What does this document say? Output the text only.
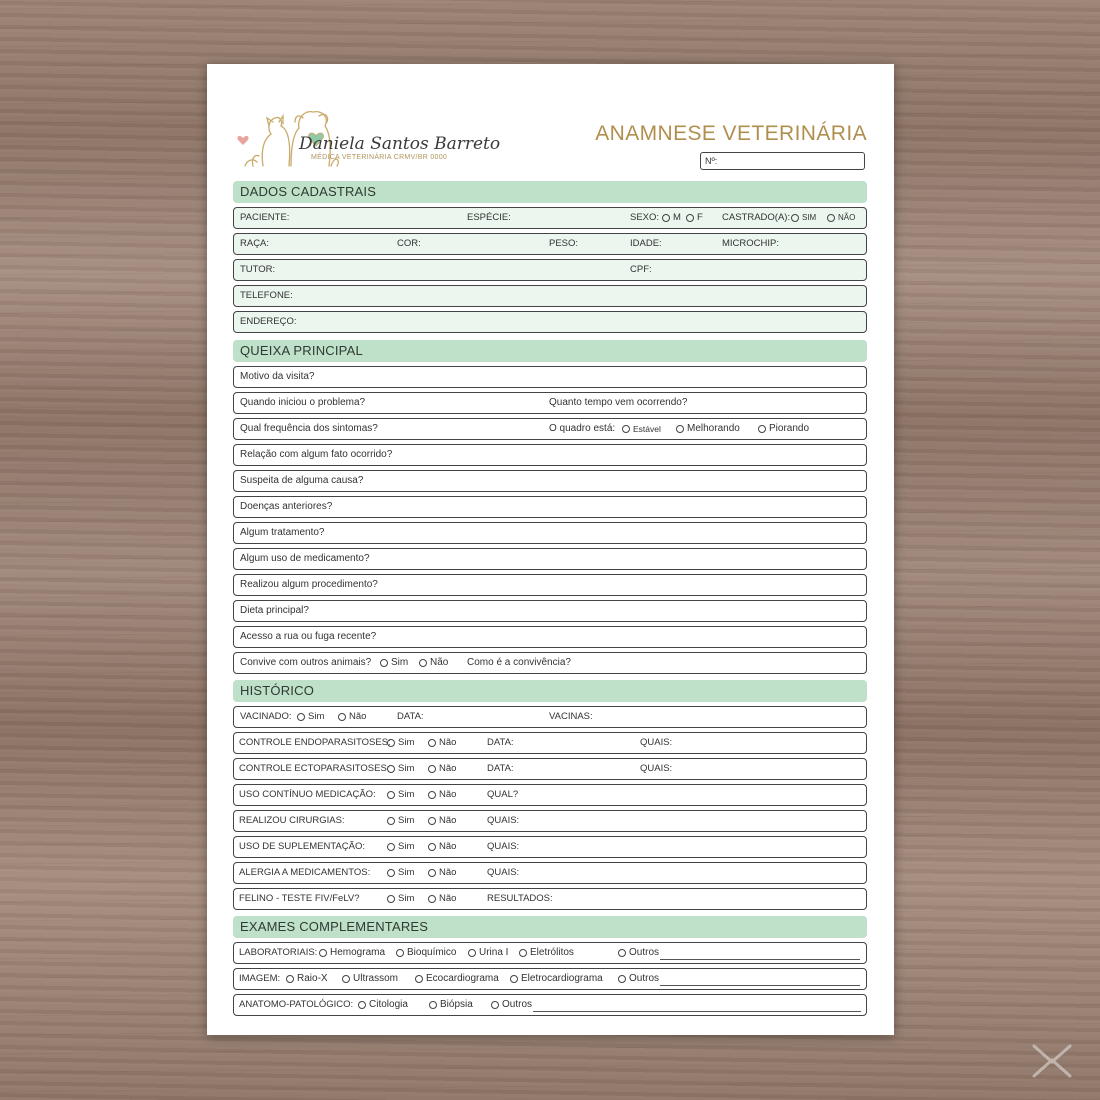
Daniela Santos Barreto
MÉDICA VETERINÁRIA CRMV/BR 0000
ANAMNESE VETERINÁRIA
Nº:
DADOS CADASTRAIS
PACIENTE:	ESPÉCIE:	SEXO: M F CASTRADO(A): SIM	NÃO
RAÇA:	COR:	PESO:	IDADE:	MICROCHIP:
TUTOR:	CPF:
TELEFONE:
ENDEREÇO:
QUEIXA PRINCIPAL
Motivo da visita?
Quando iniciou o problema?	Quanto tempo vem ocorrendo?
Qual frequência dos sintomas?	O quadro está: Estável	Melhorando	Piorando
Relação com algum fato ocorrido?
Suspeita de alguma causa?
Doenças anteriores?
Algum tratamento?
Algum uso de medicamento?
Realizou algum procedimento?
Dieta principal?
Acesso a rua ou fuga recente?
Convive com outros animais? Sim Não Como é a convivência?
HISTÓRICO
VACINADO: Sim	Não	DATA:	VACINAS:
CONTROLE ENDOPARASITOSES: Sim	Não	DATA:	QUAIS:
CONTROLE ECTOPARASITOSES: Sim	Não	DATA:	QUAIS:
USO CONTÍNUO MEDICAÇÃO: Sim	Não	QUAL?
REALIZOU CIRURGIAS:	Sim	Não	QUAIS:
USO DE SUPLEMENTAÇÃO:	Sim	Não	QUAIS:
ALERGIA A MEDICAMENTOS:	Sim	Não	QUAIS:
FELINO - TESTE FIV/FeLV?	Sim	Não	RESULTADOS:
EXAMES COMPLEMENTARES
LABORATORIAIS: Hemograma Bioquímico Urina I Eletrólitos	Outros
IMAGEM: Raio-X	Ultrassom	Ecocardiograma Eletrocardiograma	Outros
ANATOMO-PATOLÓGICO: Citologia	Biópsia	Outros
